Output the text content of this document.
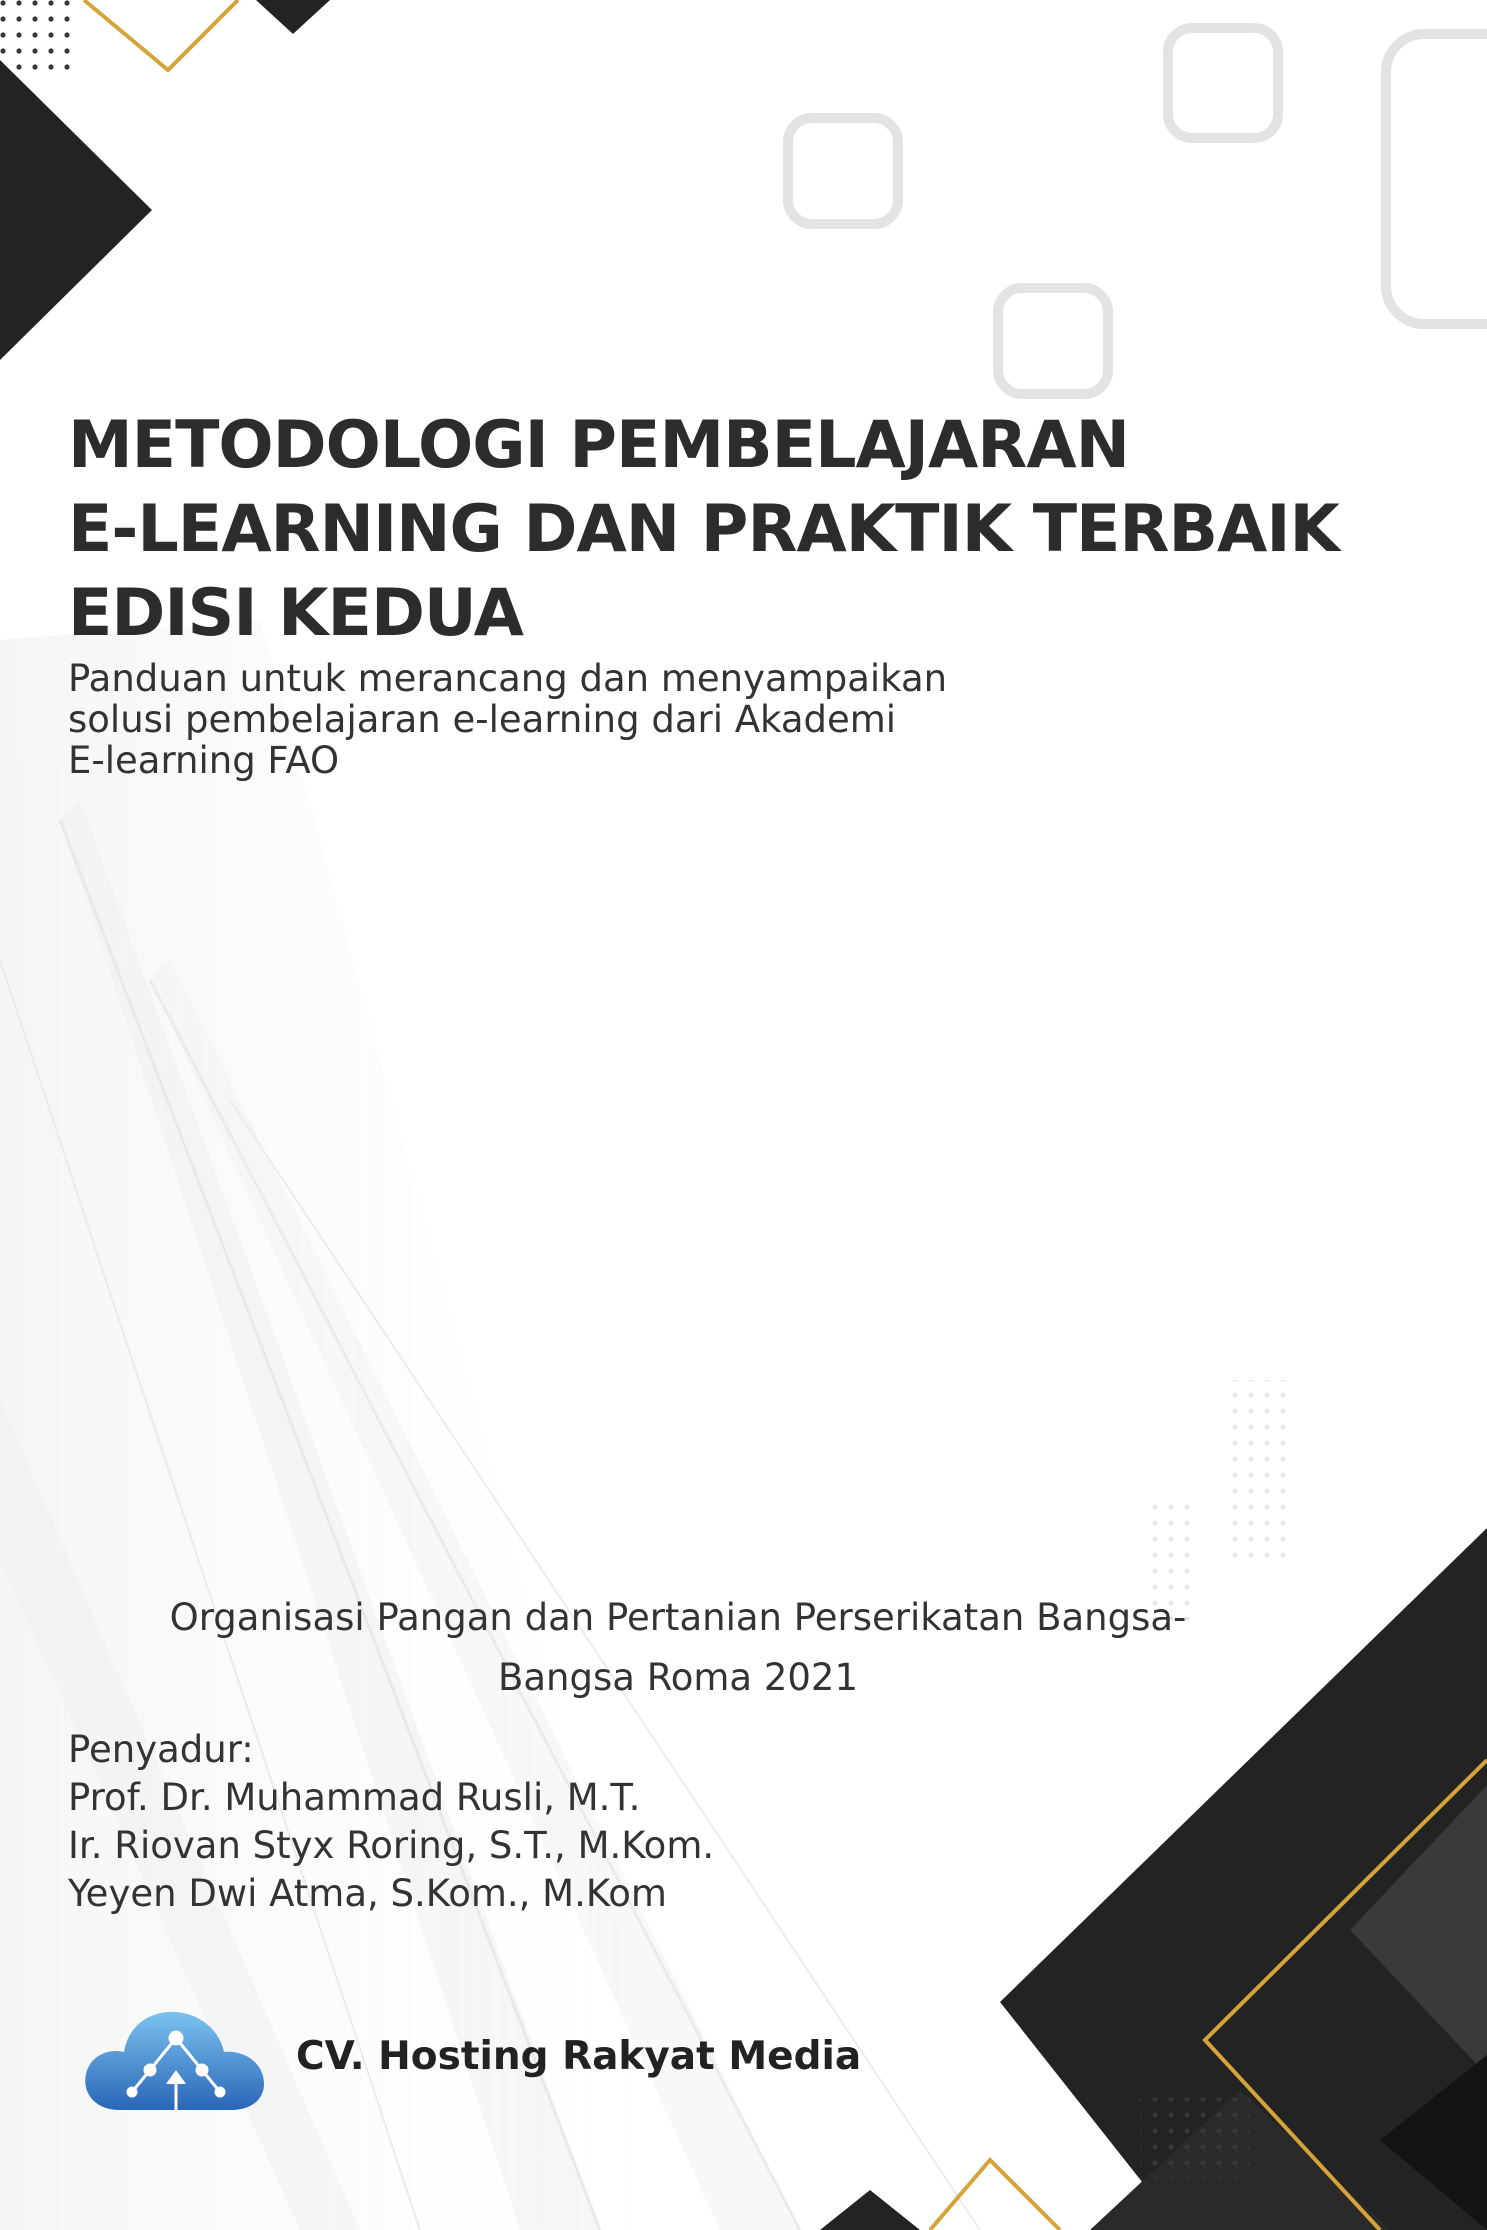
METODOLOGI PEMBELAJARAN
E-LEARNING DAN PRAKTIK TERBAIK
EDISI KEDUA

Panduan untuk merancang dan menyampaikan
solusi pembelajaran e-learning dari Akademi
E-learning FAO

Organisasi Pangan dan Pertanian Perserikatan Bangsa-
Bangsa Roma 2021
Penyadur:
Prof. Dr. Muhammad Rusli, M.T.
Ir. Riovan Styx Roring, S.T., M.Kom.
Yeyen Dwi Atma, S.Kom., M.Kom
CV. Hosting Rakyat Media
